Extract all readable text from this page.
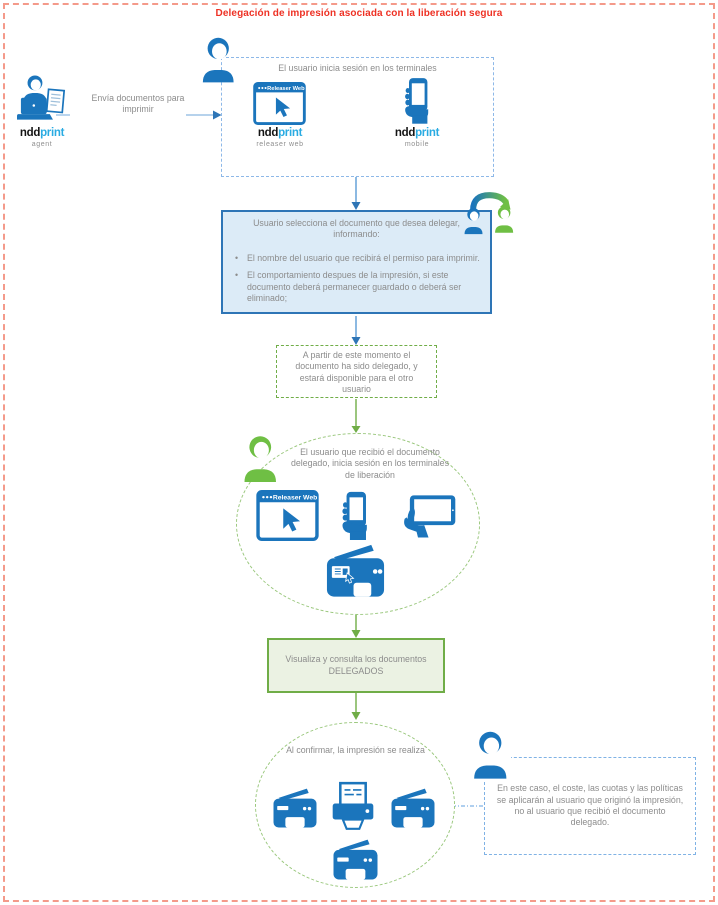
Delegación de impresión asociada con la liberación segura
nddprint
agent
Envía documentos para imprimir
El usuario inicia sesión en los terminales
nddprint
releaser web
nddprint
mobile
Usuario selecciona el documento que desea delegar, informando:
• El nombre del usuario que recibirá el permiso para imprimir.
• El comportamiento despues de la impresión, si este documento deberá permanecer guardado o deberá ser eliminado;
A partir de este momento el documento ha sido delegado, y estará disponible para el otro usuario
El usuario que recibió el documento delegado, inicia sesión en los terminales de liberación
Visualiza y consulta los documentos
DELEGADOS
Al confirmar, la impresión se realiza
En este caso, el coste, las cuotas y las políticas se aplicarán al usuario que originó la impresión, no al usuario que recibió el documento delegado.
